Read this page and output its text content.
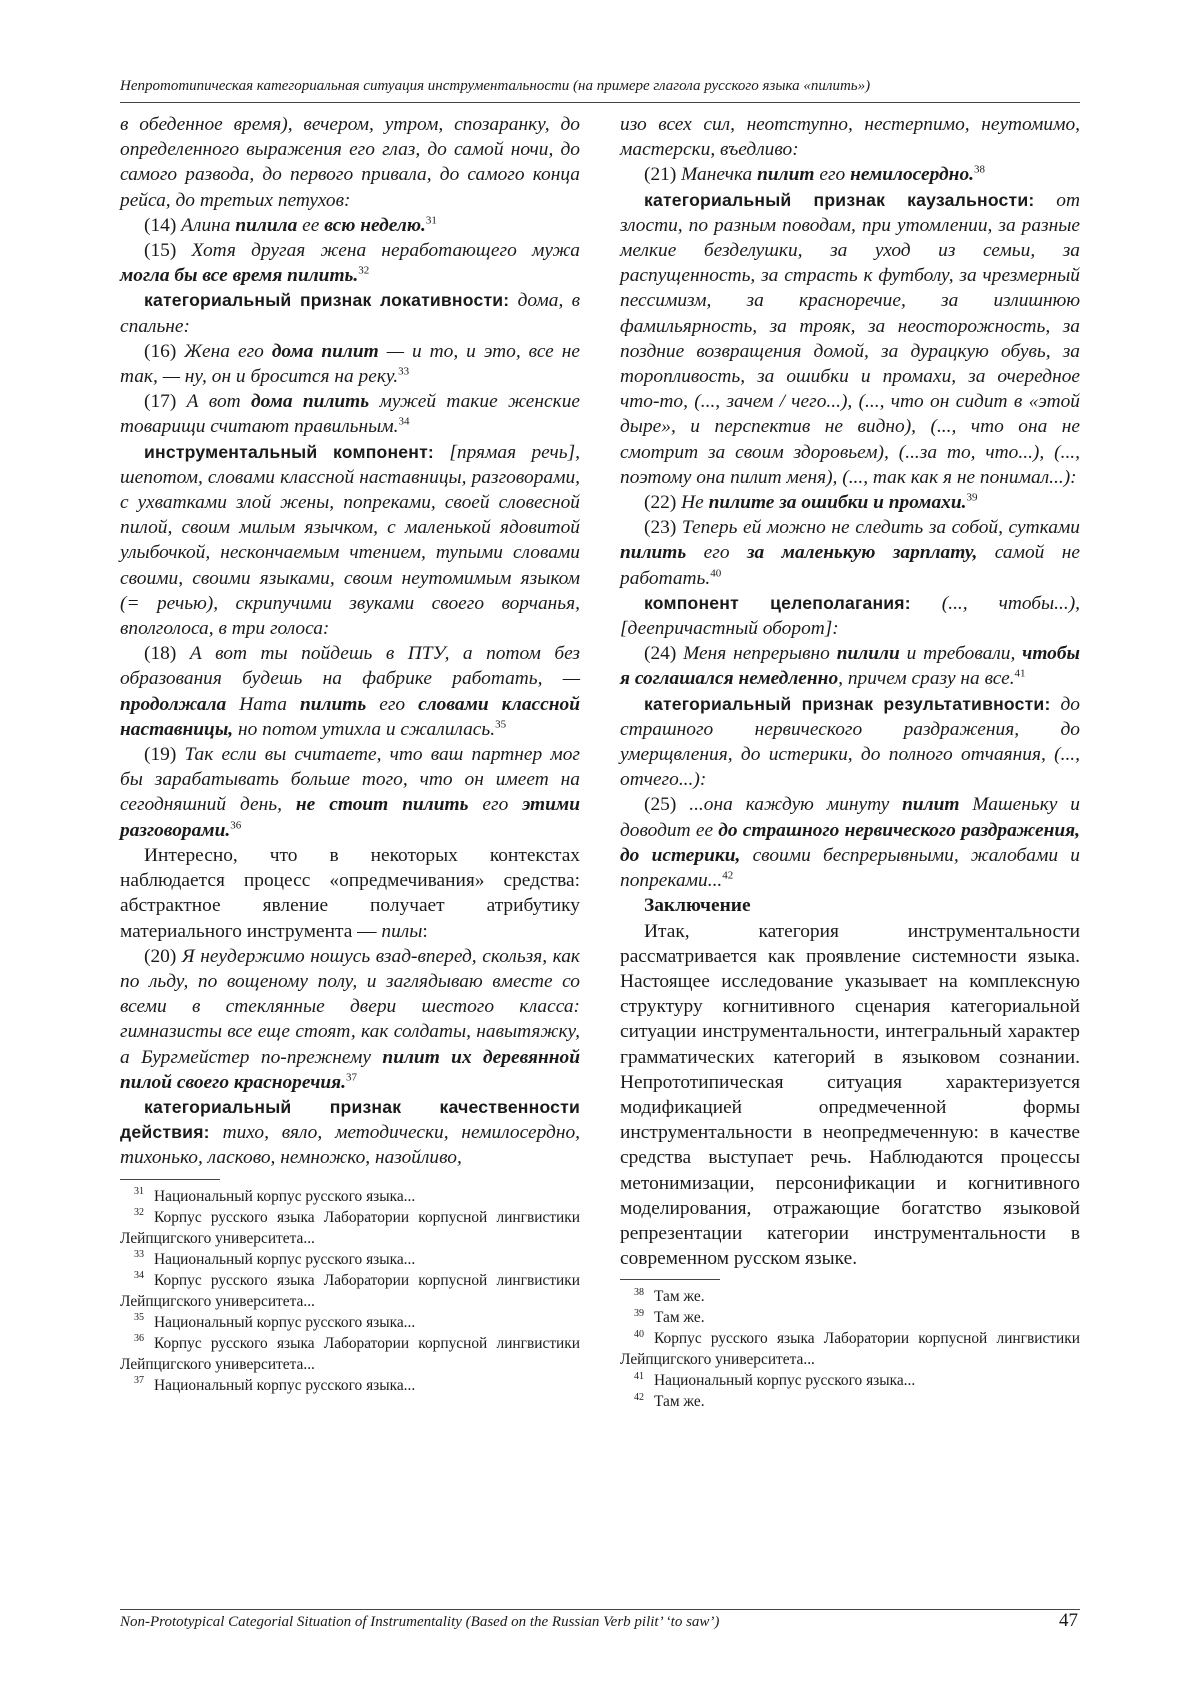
Непрототипическая категориальная ситуация инструментальности (на примере глагола русского языка «пилить»)

в обеденное время), вечером, утром, спозаранку, до определенного выражения его глаз, до самой ночи, до самого развода, до первого привала, до самого конца рейса, до третьих петухов:

(14) Алина пилила ее всю неделю.$^{31}$

(15) Хотя другая жена неработающего мужа могла бы все время пилить.$^{32}$

категориальный признак локативности: дома, в спальне:

(16) Жена его дома пилит — и то, и это, все не так, — ну, он и бросится на реку.$^{33}$

(17) А вот дома пилить мужей такие женские товарищи считают правильным.$^{34}$

инструментальный компонент: [прямая речь], шепотом, словами классной наставницы, разговорами, с ухватками злой жены, попреками, своей словесной пилой, своим милым язычком, с маленькой ядовитой улыбочкой, нескончаемым чтением, тупыми словами своими, своими языками, своим неутомимым языком (= речью), скрипучими звуками своего ворчанья, вполголоса, в три голоса:

(18) А вот ты пойдешь в ПТУ, а потом без образования будешь на фабрике работать, — продолжала Ната пилить его словами классной наставницы, но потом утихла и сжалилась.$^{35}$

(19) Так если вы считаете, что ваш партнер мог бы зарабатывать больше того, что он имеет на сегодняшний день, не стоит пилить его этими разговорами.$^{36}$

Интересно, что в некоторых контекстах наблюдается процесс «опредмечивания» средства: абстрактное явление получает атрибутику материального инструмента — пилы:

(20) Я неудержимо ношусь взад-вперед, скользя, как по льду, по вощеному полу, и заглядываю вместе со всеми в стеклянные двери шестого класса: гимназисты все еще стоят, как солдаты, навытяжку, а Бургмейстер по-прежнему пилит их деревянной пилой своего красноречия.$^{37}$

категориальный признак качественности действия: тихо, вяло, методически, немилосердно, тихонько, ласково, немножко, назойливо,

$^{31}$ Национальный корпус русского языка...

$^{32}$ Корпус русского языка Лаборатории корпусной лингвистики Лейпцигского университета...

$^{33}$ Национальный корпус русского языка...

$^{34}$ Корпус русского языка Лаборатории корпусной лингвистики Лейпцигского университета...

$^{35}$ Национальный корпус русского языка...

$^{36}$ Корпус русского языка Лаборатории корпусной лингвистики Лейпцигского университета...

$^{37}$ Национальный корпус русского языка...

изо всех сил, неотступно, нестерпимо, неутомимо, мастерски, въедливо:

(21) Манечка пилит его немилосердно.$^{38}$

категориальный признак каузальности: от злости, по разным поводам, при утомлении, за разные мелкие безделушки, за уход из семьи, за распущенность, за страсть к футболу, за чрезмерный пессимизм, за красноречие, за излишнюю фамильярность, за трояк, за неосторожность, за поздние возвращения домой, за дурацкую обувь, за торопливость, за ошибки и промахи, за очередное что-то, (..., зачем / чего...), (..., что он сидит в «этой дыре», и перспектив не видно), (..., что она не смотрит за своим здоровьем), (...за то, что...), (..., поэтому она пилит меня), (..., так как я не понимал...):

(22) Не пилите за ошибки и промахи.$^{39}$

(23) Теперь ей можно не следить за собой, сутками пилить его за маленькую зарплату, самой не работать.$^{40}$

компонент целеполагания: (..., чтобы...), [деепричастный оборот]:

(24) Меня непрерывно пилили и требовали, чтобы я соглашался немедленно, причем сразу на все.$^{41}$

категориальный признак результативности: до страшного нервического раздражения, до умерщвления, до истерики, до полного отчаяния, (..., отчего...):

(25) ...она каждую минуту пилит Машеньку и доводит ее до страшного нервического раздражения, до истерики, своими беспрерывными, жалобами и попреками...$^{42}$

Заключение

Итак, категория инструментальности рассматривается как проявление системности языка. Настоящее исследование указывает на комплексную структуру когнитивного сценария категориальной ситуации инструментальности, интегральный характер грамматических категорий в языковом сознании. Непрототипическая ситуация характеризуется модификацией опредмеченной формы инструментальности в неопредмеченную: в качестве средства выступает речь. Наблюдаются процессы метонимизации, персонификации и когнитивного моделирования, отражающие богатство языковой репрезентации категории инструментальности в современном русском языке.

$^{38}$ Там же.

$^{39}$ Там же.

$^{40}$ Корпус русского языка Лаборатории корпусной лингвистики Лейпцигского университета...

$^{41}$ Национальный корпус русского языка...

$^{42}$ Там же.

Non-Prototypical Categorial Situation of Instrumentality (Based on the Russian Verb pilit’ ‘to saw’)	47
